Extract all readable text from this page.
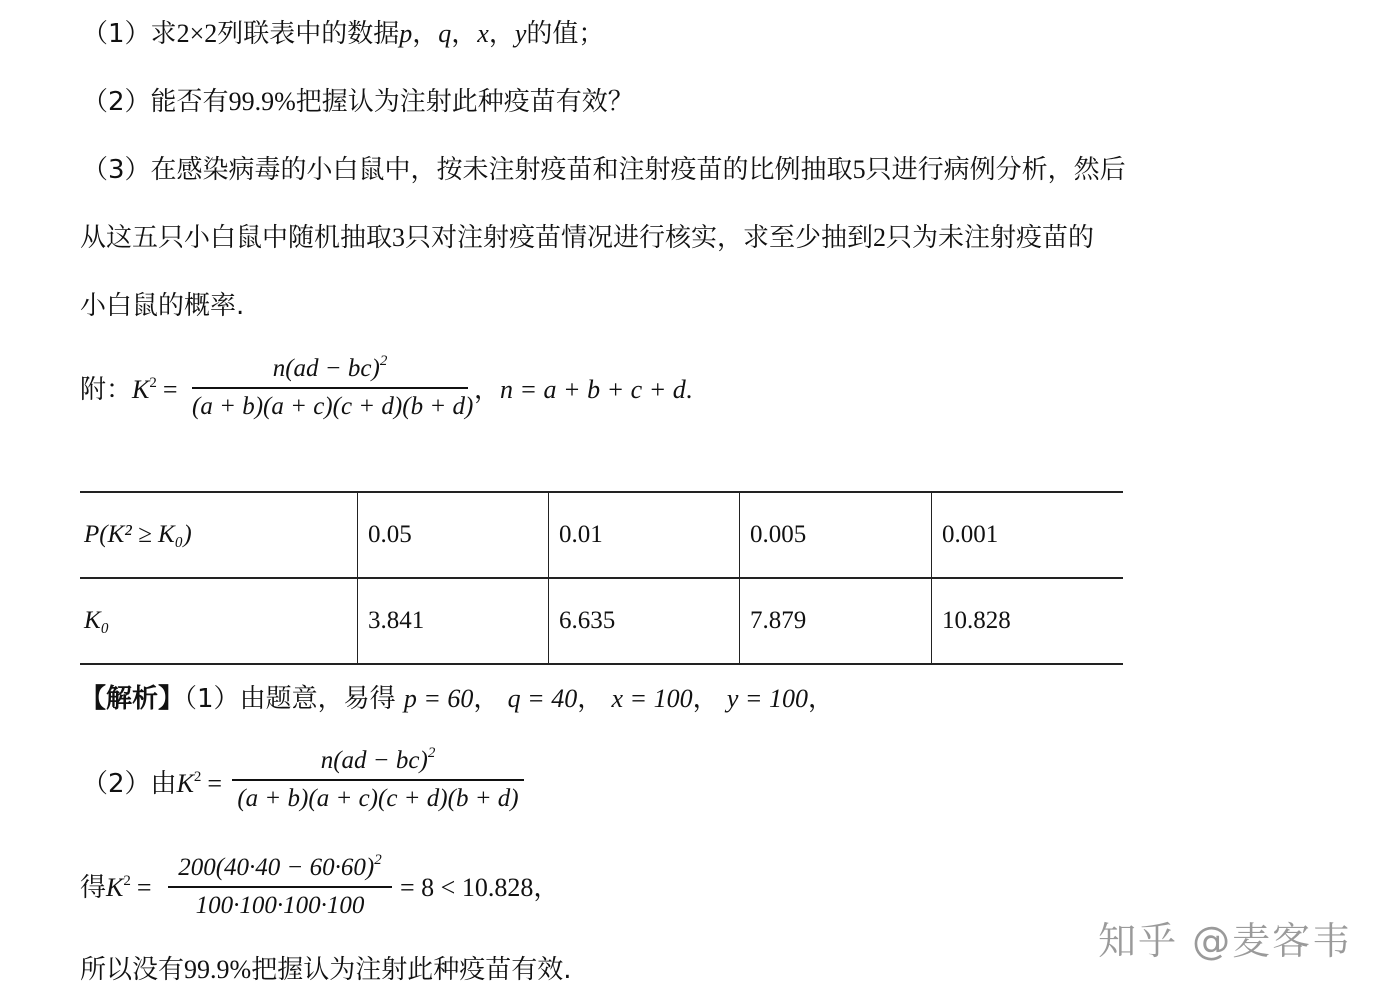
（1）求2×2列联表中的数据p，q，x，y的值；
（2）能否有99.9%把握认为注射此种疫苗有效？
（3）在感染病毒的小白鼠中，按未注射疫苗和注射疫苗的比例抽取5只进行病例分析，然后
从这五只小白鼠中随机抽取3只对注射疫苗情况进行核实，求至少抽到2只为未注射疫苗的
小白鼠的概率.
附：$K^2$ =
n(ad − bc)$^2$
(a + b)(a + c)(c + d)(b + d)
，n = a + b + c + d.
P(K² ≥ K₀)	0.05	0.01	0.005	0.001
K₀	3.841	6.635	7.879	10.828
【解析】（1）由题意，易得 p = 60， q = 40， x = 100， y = 100，
（2）由$K^2$ =
n(ad − bc)$^2$
(a + b)(a + c)(c + d)(b + d)
得$K^2$ =
$200(40\cdot 40 - 60\cdot 60)^2$
100·100·100·100
= 8 < 10.828，
所以没有99.9%把握认为注射此种疫苗有效.
知乎 @麦客韦
